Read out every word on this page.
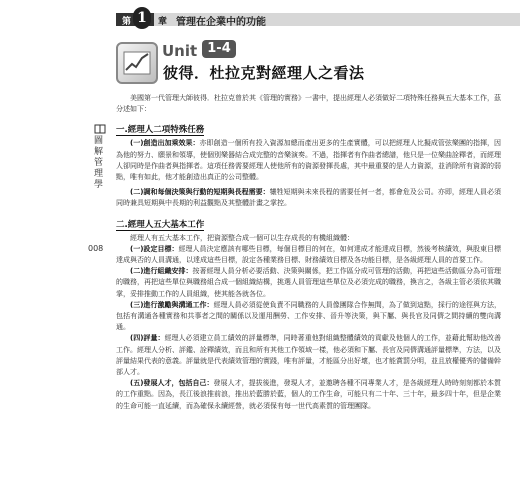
第 1	章 管理在企業中的功能
Unit 1-4
彼得．杜拉克對經理人之看法
圖解管理學
008

美國第一代管理大師彼得．杜拉克曾於其《管理的實務》一書中，提出經理人必須做好二項特殊任務與五大基本工作，茲分述如下：

一.經理人二項特殊任務

(一)創造出加乘效果：亦即創造一個所有投入資源加總而產出更多的生產實體，可以把經理人比擬成管弦樂團的指揮，因為他的努力、願景和領導，使個別樂器結合成完整的音樂演奏。不過，指揮者有作曲者總譜，他只是一位樂曲詮釋者，而經理人卻同時是作曲者與指揮者。這項任務需要經理人使他所有的資源發揮長處，其中最重要的是人力資源，並消除所有資源的弱點，唯有如此，他才能創造出真正的公司整體。

(二)調和每個決策與行動的短期與長程需要：犧牲短期與未來長程的需要任何一者，都會危及公司。亦即，經理人員必須同時兼具短期與中長期的利益觀點及其整體計畫之掌控。

二.經理人五大基本工作

經理人有五大基本工作，把資源整合成一個可以生存成長的有機組織體：

(一)設定目標：經理人員決定應該有哪些目標，每個目標目的何在，如何達成才能達成目標，然後考核績效，與股東目標達成與否的人員溝通，以達成這些目標，設定各種業務目標、財務績效目標及各功能目標，是各級經理人員的首要工作。

(二)進行組織安排：按著經理人員分析必要活動、決策與關係，把工作區分成可管理的活動，再把這些活動區分為可管理的職務，再把這些單位與職務組合成一個組織結構，挑選人員管理這些單位及必須完成的職務，換言之，各級主管必須依其職掌，妥排推動工作的人員組織，使其能各就各位。

(三)進行激勵與溝通工作：經理人員必須從使負責不同職務的人員像團隊合作無間，為了做到這點，採行的途徑與方法，包括有溝通各種實務和共事者之間的關係以及運用酬勞、工作安排、晉升等決策，與下屬、與長官及同儕之間持續的雙向溝通。

(四)評量：經理人必須建立員工績效的評量標準，同時著重他對組織整體績效的貢獻及他個人的工作，並藉此幫助他改善工作。經理人分析、評鑑、詮釋績效，而且和所有其他工作領域一樣，他必須和下屬、長官及同儕溝通評量標準，方法，以及評量結果代表的意義。評量就是代表績效管理的實踐，唯有評量，才能區分出好壞，也才能賞罰分明，並且放權優秀的儲備幹部人才。

(五)發展人才，包括自己：發展人才，提拔後進，發現人才，並邀聘各種不同專業人才，是各級經理人時時刻刻都於本質的工作重點。因為，長江後浪推前浪，推出於藍勝於藍，個人的工作生命，可能只有二十年、三十年，最多四十年，但是企業的生命可能一直延續，而為確保永續經營，就必須保有每一世代高素質的管理團隊。
